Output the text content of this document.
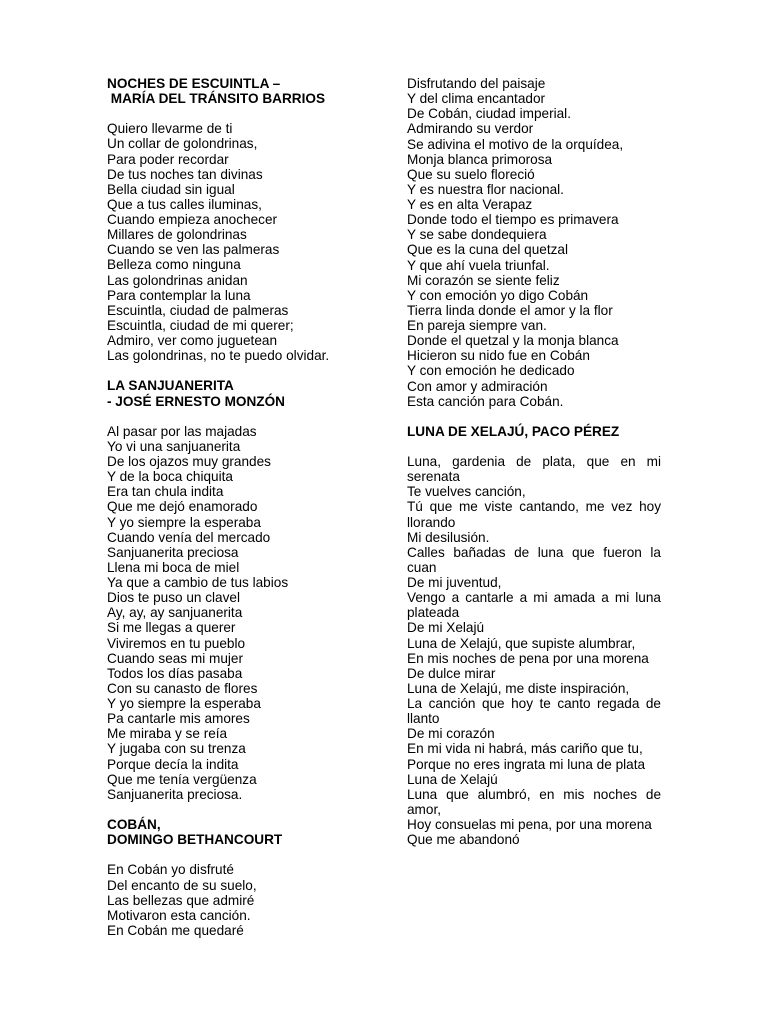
NOCHES DE ESCUINTLA –
MARÍA DEL TRÁNSITO BARRIOS
Quiero llevarme de ti
Un collar de golondrinas,
Para poder recordar
De tus noches tan divinas
Bella ciudad sin igual
Que a tus calles iluminas,
Cuando empieza anochecer
Millares de golondrinas
Cuando se ven las palmeras
Belleza como ninguna
Las golondrinas anidan
Para contemplar la luna
Escuintla, ciudad de palmeras
Escuintla, ciudad de mi querer;
Admiro, ver como juguetean
Las golondrinas, no te puedo olvidar.
LA SANJUANERITA
- JOSÉ ERNESTO MONZÓN
Al pasar por las majadas
Yo vi una sanjuanerita
De los ojazos muy grandes
Y de la boca chiquita
Era tan chula indita
Que me dejó enamorado
Y yo siempre la esperaba
Cuando venía del mercado
Sanjuanerita preciosa
Llena mi boca de miel
Ya que a cambio de tus labios
Dios te puso un clavel
Ay, ay, ay sanjuanerita
Si me llegas a querer
Viviremos en tu pueblo
Cuando seas mi mujer
Todos los días pasaba
Con su canasto de flores
Y yo siempre la esperaba
Pa cantarle mis amores
Me miraba y se reía
Y jugaba con su trenza
Porque decía la indita
Que me tenía vergüenza
Sanjuanerita preciosa.
COBÁN,
DOMINGO BETHANCOURT
En Cobán yo disfruté
Del encanto de su suelo,
Las bellezas que admiré
Motivaron esta canción.
En Cobán me quedaré
Disfrutando del paisaje
Y del clima encantador
De Cobán, ciudad imperial.
Admirando su verdor
Se adivina el motivo de la orquídea,
Monja blanca primorosa
Que su suelo floreció
Y es nuestra flor nacional.
Y es en alta Verapaz
Donde todo el tiempo es primavera
Y se sabe dondequiera
Que es la cuna del quetzal
Y que ahí vuela triunfal.
Mi corazón se siente feliz
Y con emoción yo digo Cobán
Tierra linda donde el amor y la flor
En pareja siempre van.
Donde el quetzal y la monja blanca
Hicieron su nido fue en Cobán
Y con emoción he dedicado
Con amor y admiración
Esta canción para Cobán.
LUNA DE XELAJÚ, PACO PÉREZ
Luna, gardenia de plata, que en mi serenata
Te vuelves canción,
Tú que me viste cantando, me vez hoy llorando
Mi desilusión.
Calles bañadas de luna que fueron la cuan
De mi juventud,
Vengo a cantarle a mi amada a mi luna plateada
De mi Xelajú
Luna de Xelajú, que supiste alumbrar,
En mis noches de pena por una morena
De dulce mirar
Luna de Xelajú, me diste inspiración,
La canción que hoy te canto regada de llanto
De mi corazón
En mi vida ni habrá, más cariño que tu,
Porque no eres ingrata mi luna de plata
Luna de Xelajú
Luna que alumbró, en mis noches de amor,
Hoy consuelas mi pena, por una morena
Que me abandonó
